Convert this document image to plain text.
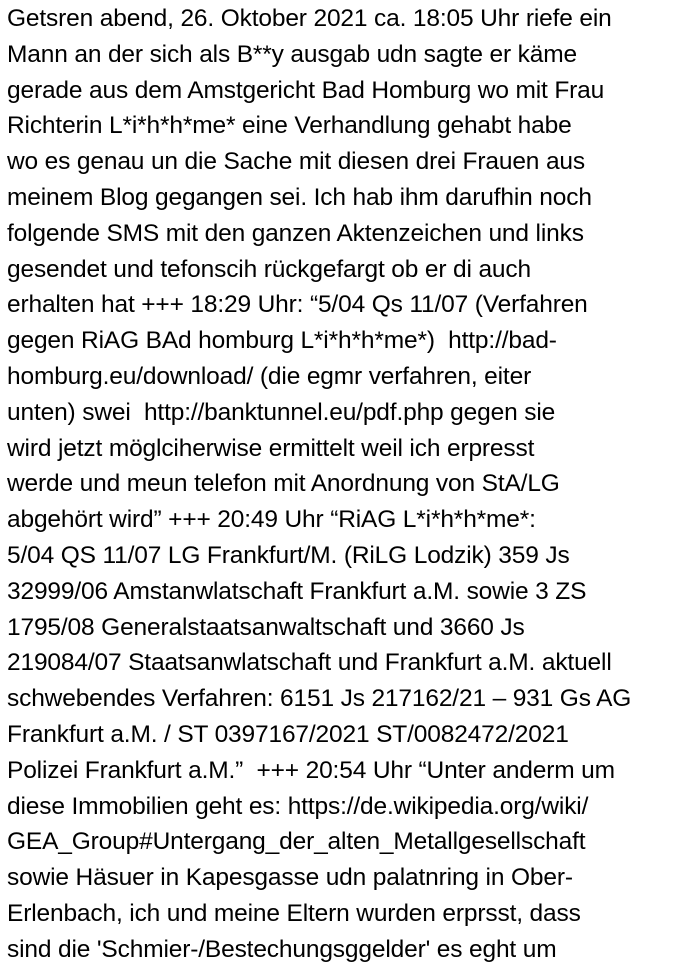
Getsren abend, 26. Oktober 2021 ca. 18:05 Uhr riefe ein
Mann an der sich als B**y ausgab udn sagte er käme
gerade aus dem Amstgericht Bad Homburg wo mit Frau
Richterin L*i*h*h*me* eine Verhandlung gehabt habe
wo es genau un die Sache mit diesen drei Frauen aus
meinem Blog gegangen sei. Ich hab ihm darufhin noch
folgende SMS mit den ganzen Aktenzeichen und links
gesendet und tefonscih rückgefargt ob er di auch
erhalten hat +++ 18:29 Uhr: “5/04 Qs 11/07 (Verfahren
gegen RiAG BAd homburg L*i*h*h*me*)  http://bad-
homburg.eu/download/ (die egmr verfahren, eiter
unten) swei  http://banktunnel.eu/pdf.php gegen sie
wird jetzt möglciherwise ermittelt weil ich erpresst
werde und meun telefon mit Anordnung von StA/LG
abgehört wird” +++ 20:49 Uhr “RiAG L*i*h*h*me*:
5/04 QS 11/07 LG Frankfurt/M. (RiLG Lodzik) 359 Js
32999/06 Amstanwlatschaft Frankfurt a.M. sowie 3 ZS
1795/08 Generalstaatsanwaltschaft und 3660 Js
219084/07 Staatsanwlatschaft und Frankfurt a.M. aktuell
schwebendes Verfahren: 6151 Js 217162/21 – 931 Gs AG
Frankfurt a.M. / ST 0397167/2021 ST/0082472/2021
Polizei Frankfurt a.M.”  +++ 20:54 Uhr “Unter anderm um
diese Immobilien geht es: https://de.wikipedia.org/wiki/
GEA_Group#Untergang_der_alten_Metallgesellschaft
sowie Häsuer in Kapesgasse udn palatnring in Ober-
Erlenbach, ich und meine Eltern wurden erprsst, dass
sind die 'Schmier-/Bestechungsggelder' es eght um
